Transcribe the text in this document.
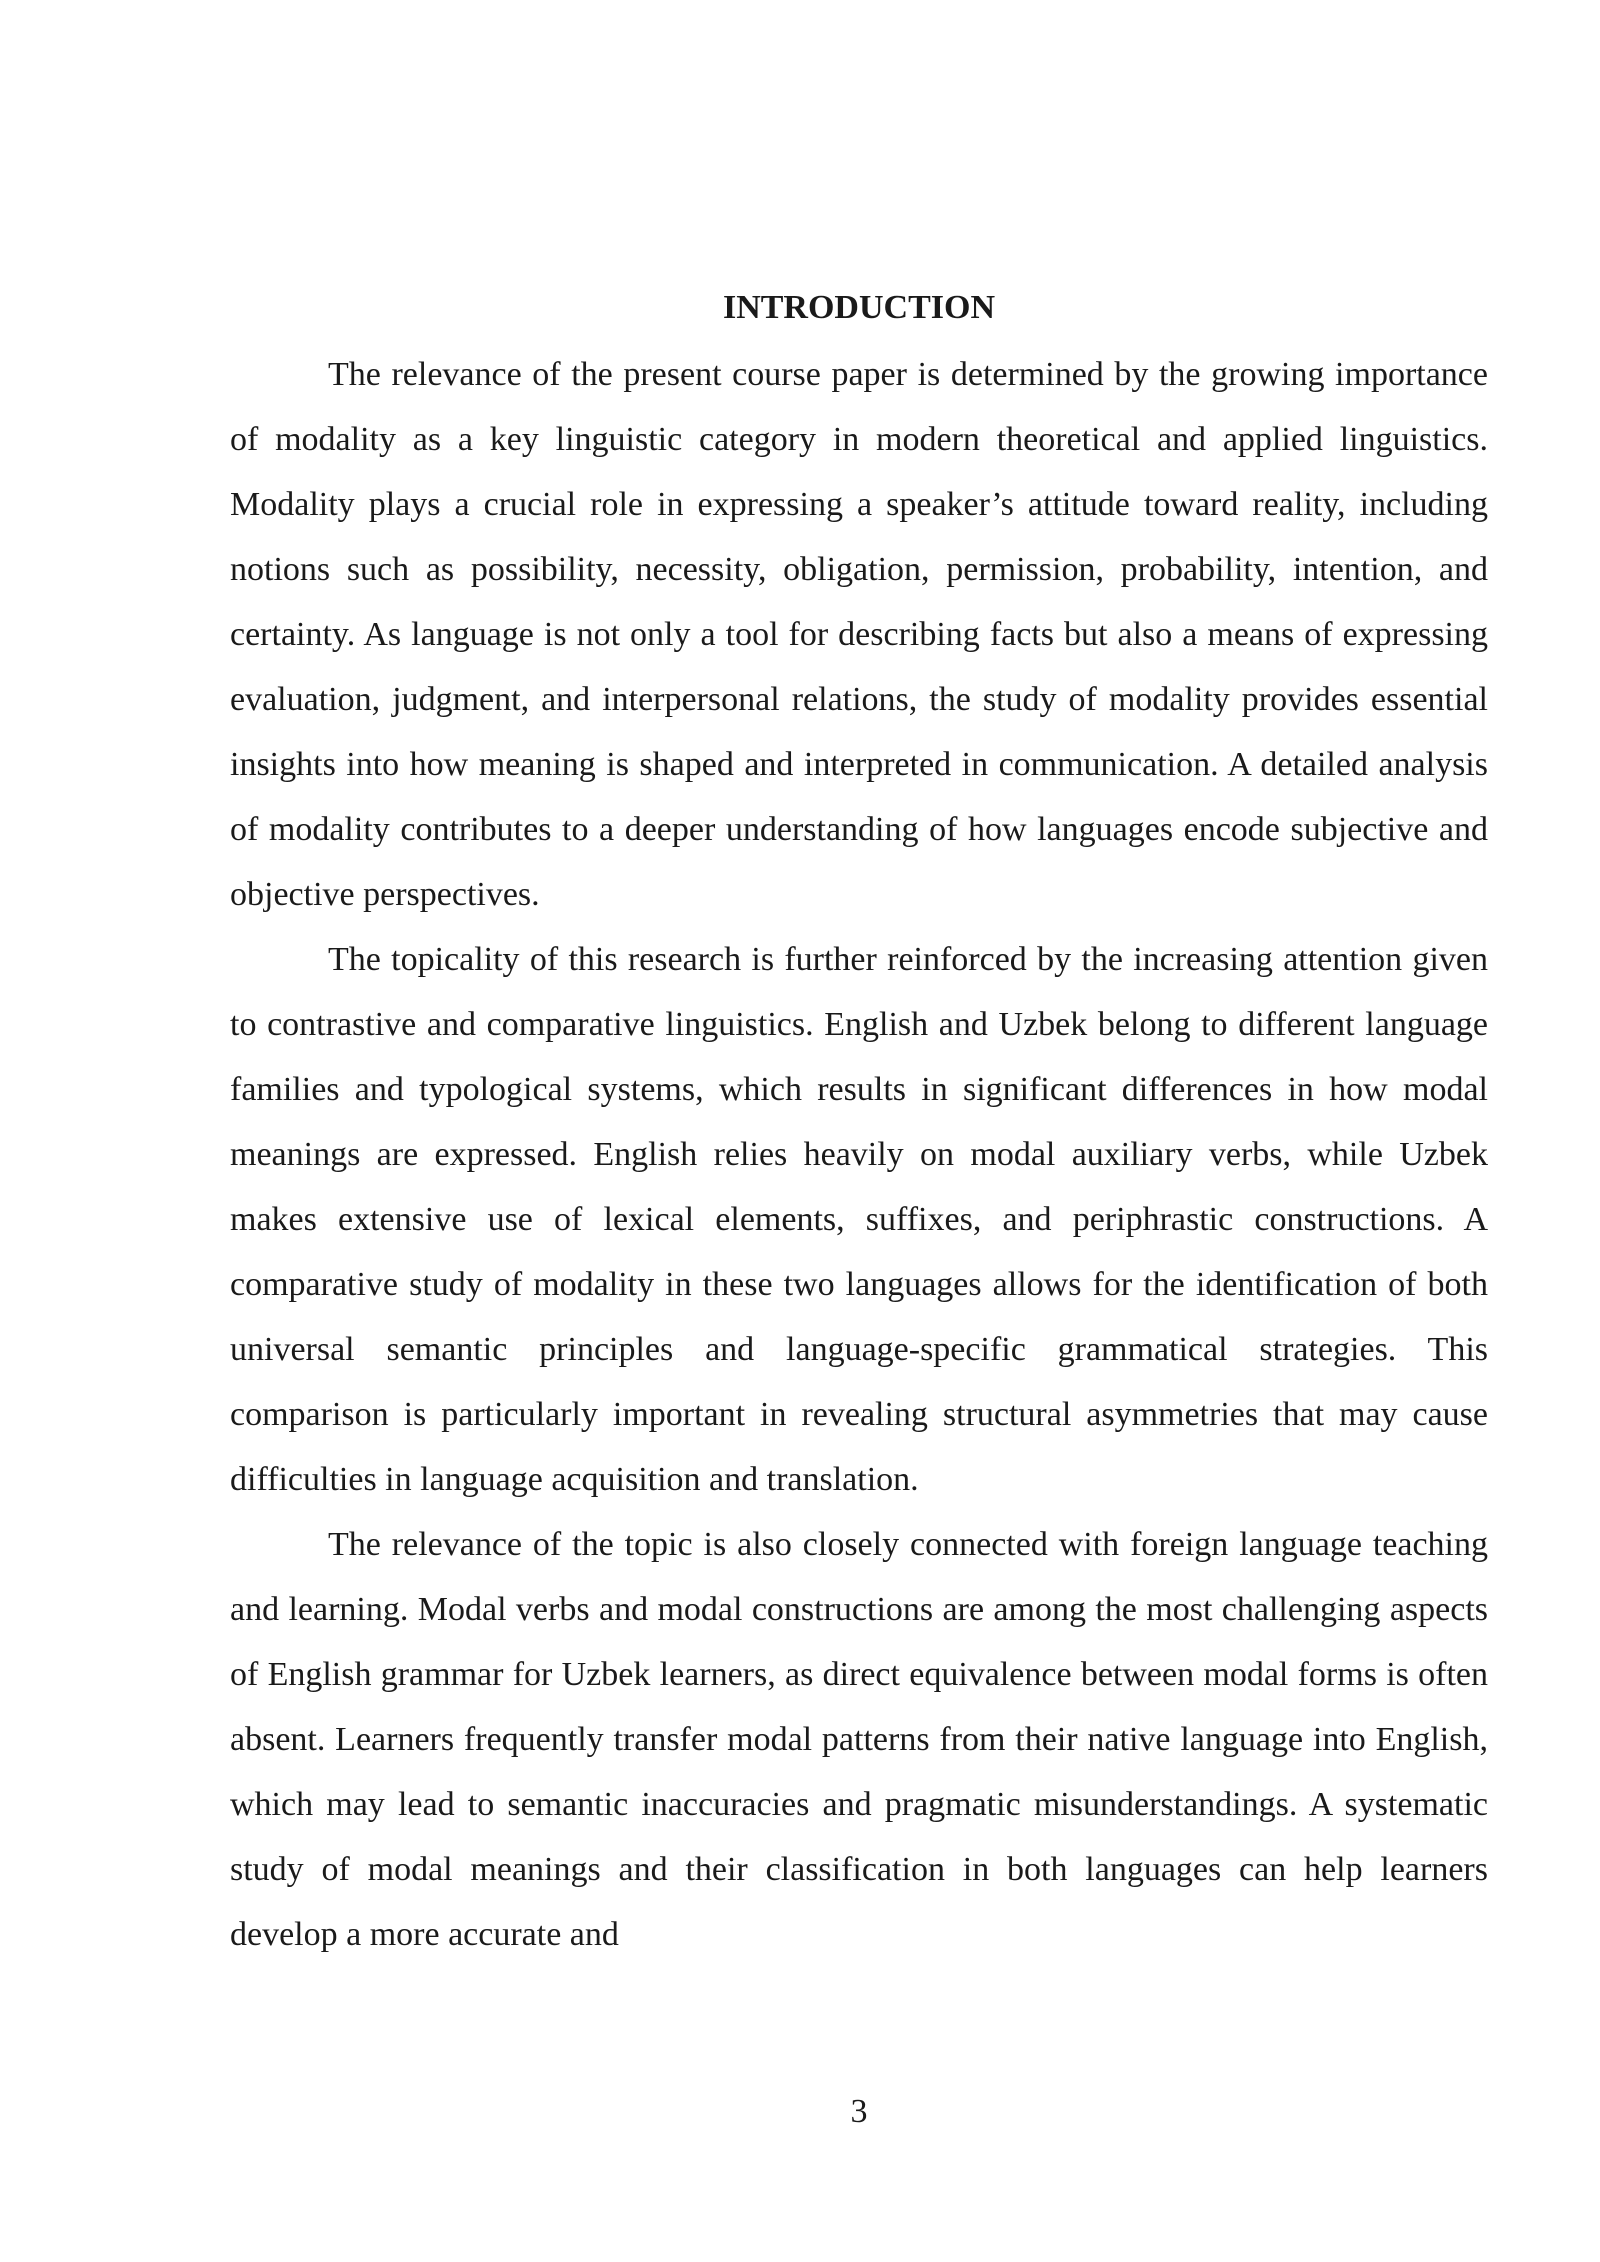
INTRODUCTION

The relevance of the present course paper is determined by the growing importance of modality as a key linguistic category in modern theoretical and applied linguistics. Modality plays a crucial role in expressing a speaker’s attitude toward reality, including notions such as possibility, necessity, obligation, permission, probability, intention, and certainty. As language is not only a tool for describing facts but also a means of expressing evaluation, judgment, and interpersonal relations, the study of modality provides essential insights into how meaning is shaped and interpreted in communication. A detailed analysis of modality contributes to a deeper understanding of how languages encode subjective and objective perspectives.

The topicality of this research is further reinforced by the increasing attention given to contrastive and comparative linguistics. English and Uzbek belong to different language families and typological systems, which results in significant differences in how modal meanings are expressed. English relies heavily on modal auxiliary verbs, while Uzbek makes extensive use of lexical elements, suffixes, and periphrastic constructions. A comparative study of modality in these two languages allows for the identification of both universal semantic principles and language-specific grammatical strategies. This comparison is particularly important in revealing structural asymmetries that may cause difficulties in language acquisition and translation.

The relevance of the topic is also closely connected with foreign language teaching and learning. Modal verbs and modal constructions are among the most challenging aspects of English grammar for Uzbek learners, as direct equivalence between modal forms is often absent. Learners frequently transfer modal patterns from their native language into English, which may lead to semantic inaccuracies and pragmatic misunderstandings. A systematic study of modal meanings and their classification in both languages can help learners develop a more accurate and

3
